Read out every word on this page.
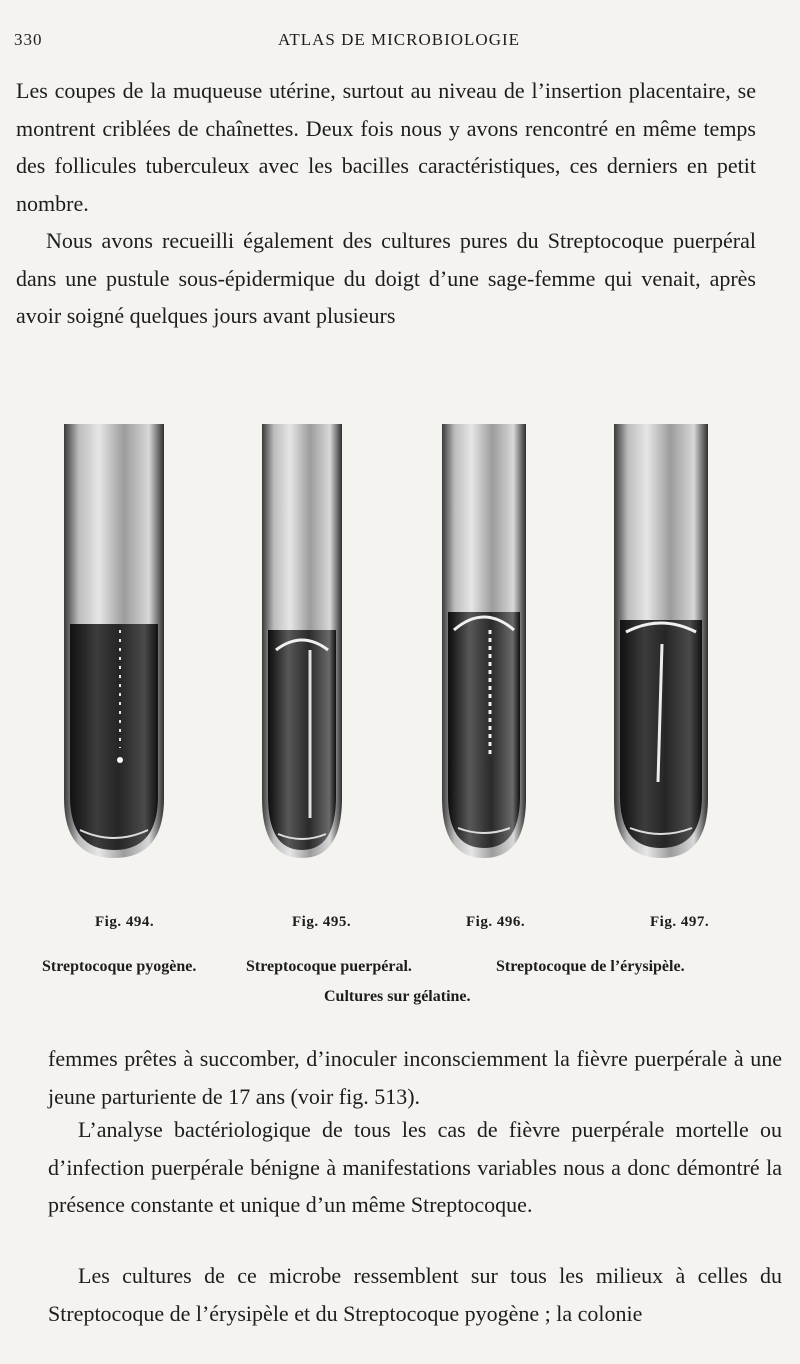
330	ATLAS DE MICROBIOLOGIE

Les coupes de la muqueuse utérine, surtout au niveau de l’insertion placentaire, se montrent criblées de chaînettes. Deux fois nous y avons rencontré en même temps des follicules tuberculeux avec les bacilles caractéristiques, ces derniers en petit nombre.

Nous avons recueilli également des cultures pures du Streptocoque puerpéral dans une pustule sous-épidermique du doigt d’une sage-femme qui venait, après avoir soigné quelques jours avant plusieurs

Fig. 494.	Fig. 495.	Fig. 496.	Fig. 497.
Streptocoque pyogène.	Streptocoque puerpéral.	Streptocoque de l’érysipèle.
Cultures sur gélatine.

femmes prêtes à succomber, d’inoculer inconsciemment la fièvre puerpérale à une jeune parturiente de 17 ans (voir fig. 513).

L’analyse bactériologique de tous les cas de fièvre puerpérale mortelle ou d’infection puerpérale bénigne à manifestations variables nous a donc démontré la présence constante et unique d’un même Streptocoque.

Les cultures de ce microbe ressemblent sur tous les milieux à celles du Streptocoque de l’érysipèle et du Streptocoque pyogène ; la colonie
